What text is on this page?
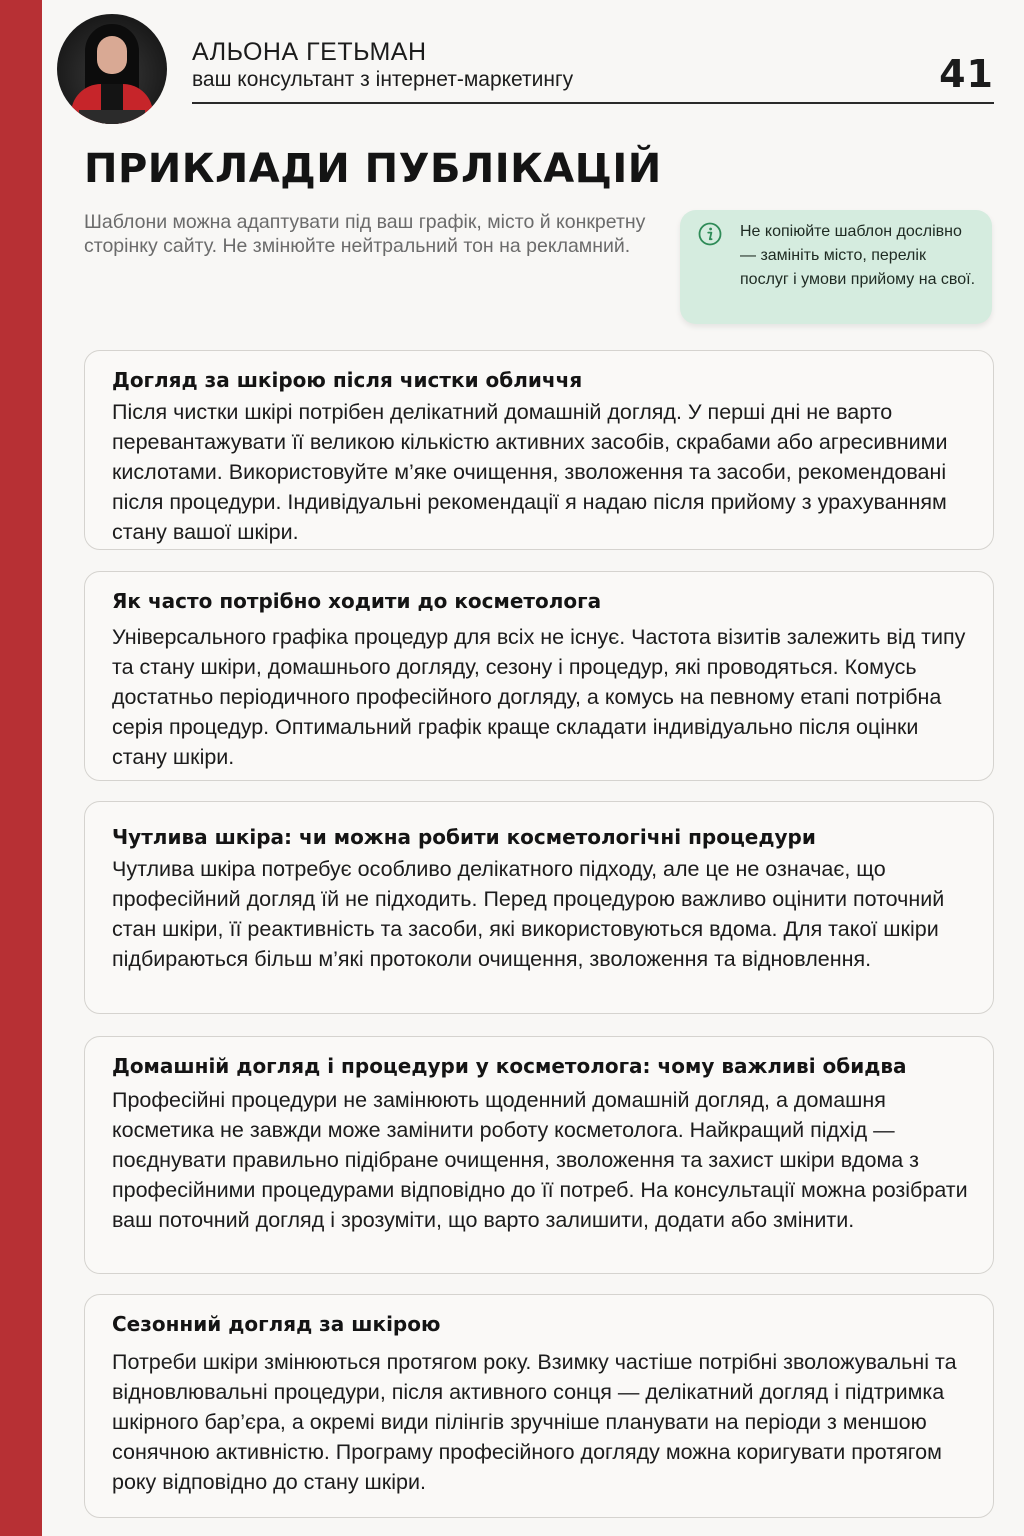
АЛЬОНА ГЕТЬМАН
ваш консультант з інтернет-маркетингу	41
ПРИКЛАДИ ПУБЛІКАЦІЙ
Шаблони можна адаптувати під ваш графік, місто й конкретну сторінку сайту. Не змінюйте нейтральний тон на рекламний.
Не копіюйте шаблон дослівно — замініть місто, перелік послуг і умови прийому на свої.
Догляд за шкірою після чистки обличчя
Після чистки шкірі потрібен делікатний домашній догляд. У перші дні не варто перевантажувати її великою кількістю активних засобів, скрабами або агресивними кислотами. Використовуйте м’яке очищення, зволоження та засоби, рекомендовані після процедури. Індивідуальні рекомендації я надаю після прийому з урахуванням стану вашої шкіри.
Як часто потрібно ходити до косметолога
Універсального графіка процедур для всіх не існує. Частота візитів залежить від типу та стану шкіри, домашнього догляду, сезону і процедур, які проводяться. Комусь достатньо періодичного професійного догляду, а комусь на певному етапі потрібна серія процедур. Оптимальний графік краще складати індивідуально після оцінки стану шкіри.
Чутлива шкіра: чи можна робити косметологічні процедури
Чутлива шкіра потребує особливо делікатного підходу, але це не означає, що професійний догляд їй не підходить. Перед процедурою важливо оцінити поточний стан шкіри, її реактивність та засоби, які використовуються вдома. Для такої шкіри підбираються більш м’які протоколи очищення, зволоження та відновлення.
Домашній догляд і процедури у косметолога: чому важливі обидва
Професійні процедури не замінюють щоденний домашній догляд, а домашня косметика не завжди може замінити роботу косметолога. Найкращий підхід — поєднувати правильно підібране очищення, зволоження та захист шкіри вдома з професійними процедурами відповідно до її потреб. На консультації можна розібрати ваш поточний догляд і зрозуміти, що варто залишити, додати або змінити.
Сезонний догляд за шкірою
Потреби шкіри змінюються протягом року. Взимку частіше потрібні зволожувальні та відновлювальні процедури, після активного сонця — делікатний догляд і підтримка шкірного бар’єра, а окремі види пілінгів зручніше планувати на періоди з меншою сонячною активністю. Програму професійного догляду можна коригувати протягом року відповідно до стану шкіри.
